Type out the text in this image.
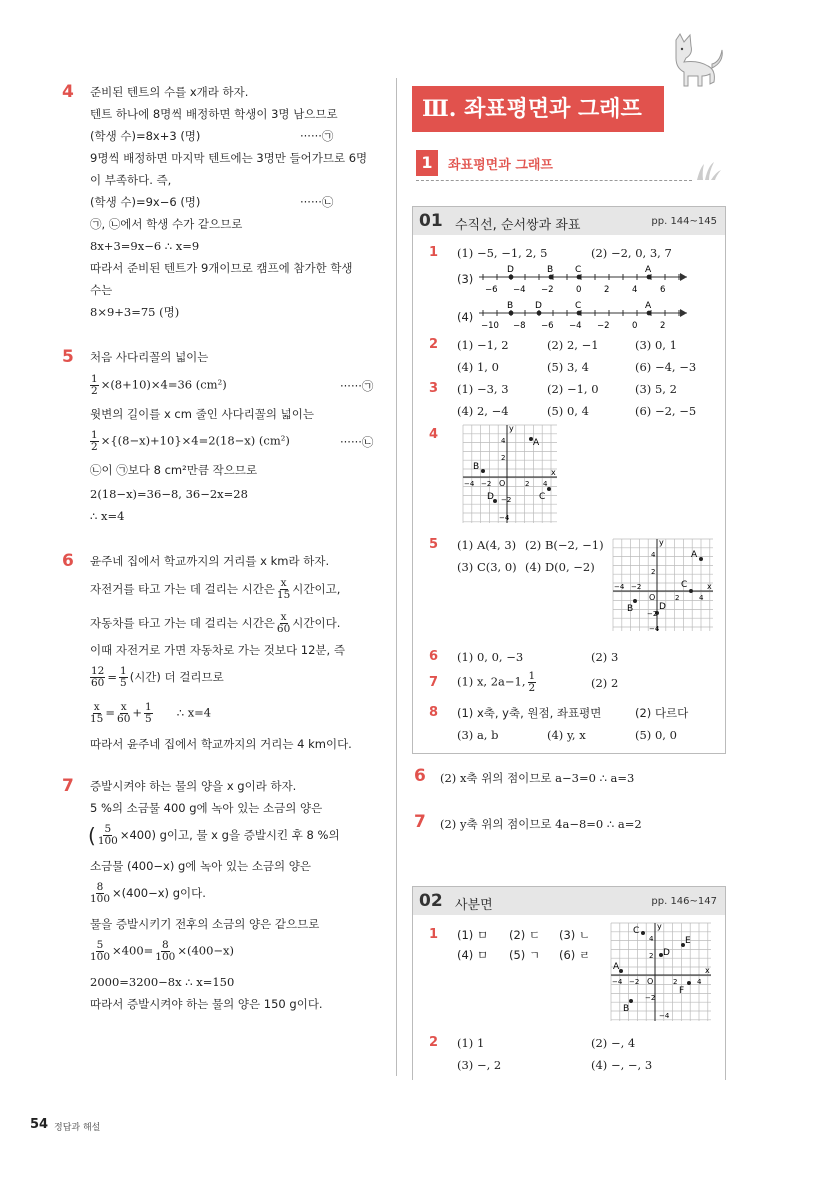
4 준비된 텐트의 수를 x개라 하자.
텐트 하나에 8명씩 배정하면 학생이 3명 남으므로
(학생 수)=8x+3 (명)	······㉠
9명씩 배정하면 마지막 텐트에는 3명만 들어가므로 6명
이 부족하다. 즉,
(학생 수)=9x−6 (명)	······㉡
㉠, ㉡에서 학생 수가 같으므로
8x+3=9x−6 ∴ x=9
따라서 준비된 텐트가 9개이므로 캠프에 참가한 학생
수는
8×9+3=75 (명)
5 처음 사다리꼴의 넓이는
$\frac{1}{2} \times(8+10)\times 4=36$ (cm²)	······㉠
윗변의 길이를 x cm 줄인 사다리꼴의 넓이는
$\frac{1}{2} \times\{(8-x)+10\}\times 4=2(18-x)$ (cm²)	······㉡
㉡이 ㉠보다 8 cm²만큼 작으므로
2(18−x)=36−8, 36−2x=28
∴ x=4
6 윤주네 집에서 학교까지의 거리를 x km라 하자.
자전거를 타고 가는 데 걸리는 시간은 $\frac{x}{15}$ 시간이고,
자동차를 타고 가는 데 걸리는 시간은 $\frac{x}{60}$ 시간이다.
이때 자전거로 가면 자동차로 가는 것보다 12분, 즉
$\frac{12}{60} = \frac{1}{5}$ (시간) 더 걸리므로
$\frac{x}{15} = \frac{x}{60} + \frac{1}{5}$ ∴ x=4
따라서 윤주네 집에서 학교까지의 거리는 4 km이다.
7 증발시켜야 하는 물의 양을 x g이라 하자.
5 %의 소금물 400 g에 녹아 있는 소금의 양은
( $\frac{5}{100} \times 400$) g이고, 물 x g을 증발시킨 후 8 %의
소금물 (400−x) g에 녹아 있는 소금의 양은
$\frac{8}{100} \times(400-x)$ g이다.
물을 증발시키기 전후의 소금의 양은 같으므로
$\frac{5}{100} \times 400= \frac{8}{100} \times(400-x)$
2000=3200−8x ∴ x=150
따라서 증발시켜야 하는 물의 양은 150 g이다.
Ⅲ. 좌표평면과 그래프
1	좌표평면과 그래프
01 수직선, 순서쌍과 좌표	pp. 144~145
1 (1) −5, −1, 2, 5	(2) −2, 0, 3, 7
(3)
D	B C	A
−6 −4 −2	0	2	4	6
(4)
B D	C	A
−10 −8 −6 −4 −2	0	2
2 (1) −1, 2	(2) 2, −1	(3) 0, 1
(4) 1, 0	(5) 3, 4	(6) −4, −3
3 (1) −3, 3	(2) −1, 0	(3) 5, 2
(4) 2, −4	(5) 0, 4	(6) −2, −5
4
A
B
C
D
O
x
y
4
2
−2
−4
−4 −2	2 4
5 (1) A(4, 3) (2) B(−2, −1)
(3) C(3, 0) (4) D(0, −2)
A
B
C
D
O
x
y
4
2
−2
−4
−4 −2
2	4
6 (1) 0, 0, −3	(2) 3
7 (1) x, 2a−1, $\frac{1}{2}$	(2) 2
8 (1) x축, y축, 원점, 좌표평면	(2) 다르다
(3) a, b	(4) y, x	(5) 0, 0
6 (2) x축 위의 점이므로 a−3=0 ∴ a=3
7 (2) y축 위의 점이므로 4a−8=0 ∴ a=2
02 사분면	pp. 146~147
1 (1) ㅁ (2) ㄷ (3) ㄴ
(4) ㅁ (5) ㄱ (6) ㄹ
C
E
D
A
F
B
O
x
y
4
2
−2
−4
−4 −2	2	4
2 (1) 1	(2) −, 4
(3) −, 2	(4) −, −, 3
54 정답과 해설
